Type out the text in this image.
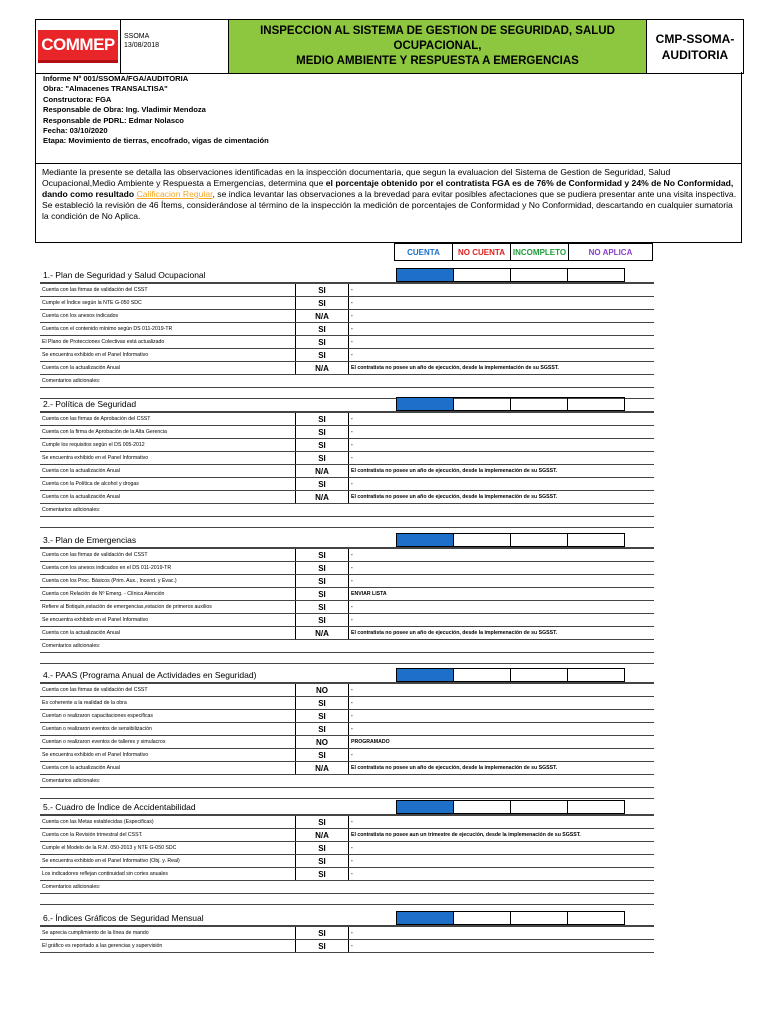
COMMEP	SSOMA
13/08/2018
INSPECCION AL SISTEMA DE GESTION DE SEGURIDAD, SALUD OCUPACIONAL,
MEDIO AMBIENTE Y RESPUESTA A EMERGENCIAS
CMP-SSOMA-
AUDITORIA
Informe Nº 001/SSOMA/FGA/AUDITORIA
Obra: "Almacenes TRANSALTISA"
Constructora: FGA
Responsable de Obra: Ing. Vladimir Mendoza
Responsable de PDRL: Edmar Nolasco
Fecha: 03/10/2020
Etapa: Movimiento de tierras, encofrado, vigas de cimentación
Mediante la presente se detalla las observaciones identificadas en la inspección documentaria, que segun la evaluacion del Sistema de Gestion de Seguridad, Salud Ocupacional,Medio Ambiente y Respuesta a Emergencias, determina que el porcentaje obtenido por el contratista FGA es de 76% de Conformidad y 24% de No Conformidad, dando como resultado Calificacion Regular, se indica levantar las observaciones a la brevedad para evitar posibles afectaciones que se pudiera presentar ante una visita inspectiva.
Se estableció la revisión de 46 Ítems, considerándose al término de la inspección la medición de porcentajes de Conformidad y No Conformidad, descartando en cualquier sumatoria la condición de No Aplica.
CUENTA	NO CUENTA INCOMPLETO	NO APLICA
1.- Plan de Seguridad y Salud Ocupacional
Cuenta con las firmas de validación del CSST	SI	-
Cumple el Índice según la NTE G-050 SDC	SI	-
Cuenta con los anexos indicados	N/A	-
Cuenta con el contenido mínimo según DS 011-2019-TR	SI	-
El Plano de Protecciones Colectivas está actualizado	SI	-
Se encuentra exhibido en el Panel Informativo	SI	-
Cuenta con la actualización Anual	N/A	El contratista no posee un año de ejecución, desde la implementación de su SGSST.
Comentarios adicionales:
2.- Política de Seguridad
Cuenta con las firmas de Aprobación del CSST	SI	-
Cuenta con la firma de Aprobación de la Alta Gerencia	SI	-
Cumple los requisitos según el DS 005-2012	SI	-
Se encuentra exhibido en el Panel Informativo	SI	-
Cuenta con la actualización Anual	N/A	El contratista no posee un año de ejecución, desde la implemenación de su SGSST.
Cuenta con la Política de alcohol y drogas	SI	-
Cuenta con la actualización Anual	N/A	El contratista no posee un año de ejecución, desde la implemenación de su SGSST.
Comentarios adicionales:
3.- Plan de Emergencias
Cuenta con las firmas de validación del CSST	SI	-
Cuenta con los anexos indicados en el DS 011-2019-TR	SI	-
Cuenta con los Proc. Básicos (Prim. Aux., Incend. y Evac.)	SI	-
Cuenta con Relación de Nº Emerg. - Clínica Atención	SI	ENVIAR LISTA
Refiere al Botiquin,estación de emergencias,estacion de primeros auxilios	SI	-
Se encuentra exhibido en el Panel Informativo	SI	-
Cuenta con la actualización Anual	N/A	El contratista no posee un año de ejecución, desde la implemenación de su SGSST.
Comentarios adicionales:
4.- PAAS (Programa Anual de Actividades en Seguridad)
Cuenta con las firmas de validación del CSST	NO	-
Es coherente a la realidad de la obra	SI	-
Cuentan o realizaron capacitaciones especificas	SI	-
Cuentan o realizaron eventos de sensibilización	SI	-
Cuentan o realizaron eventos de talleres y simulacros	NO	PROGRAMADO
Se encuentra exhibido en el Panel Informativo	SI	-
Cuenta con la actualización Anual	N/A	El contratista no posee un año de ejecución, desde la implemenación de su SGSST.
Comentarios adicionales:
5.- Cuadro de Índice de Accidentabilidad
Cuenta con las Metas establecidas (Especificas)	SI	-
Cuenta con la Revisión trimestral del CSST.	N/A	El contratista no posee aun un trimestre de ejecución, desde la implemenación de su SGSST.
Cumple el Modelo de la R.M. 050-2013 y NTE G-050 SDC	SI	-
Se encuentra exhibido en el Panel Informativo (Obj. y. Real)	SI	-
Los indicadores reflejan continuidad sin cortes anuales	SI	-
Comentarios adicionales:
6.- Índices Gráficos de Seguridad Mensual
Se aprecia cumplimiento de la línea de mando	SI	-
El gráfico es reportado a las gerencias y supervisión	SI	-
